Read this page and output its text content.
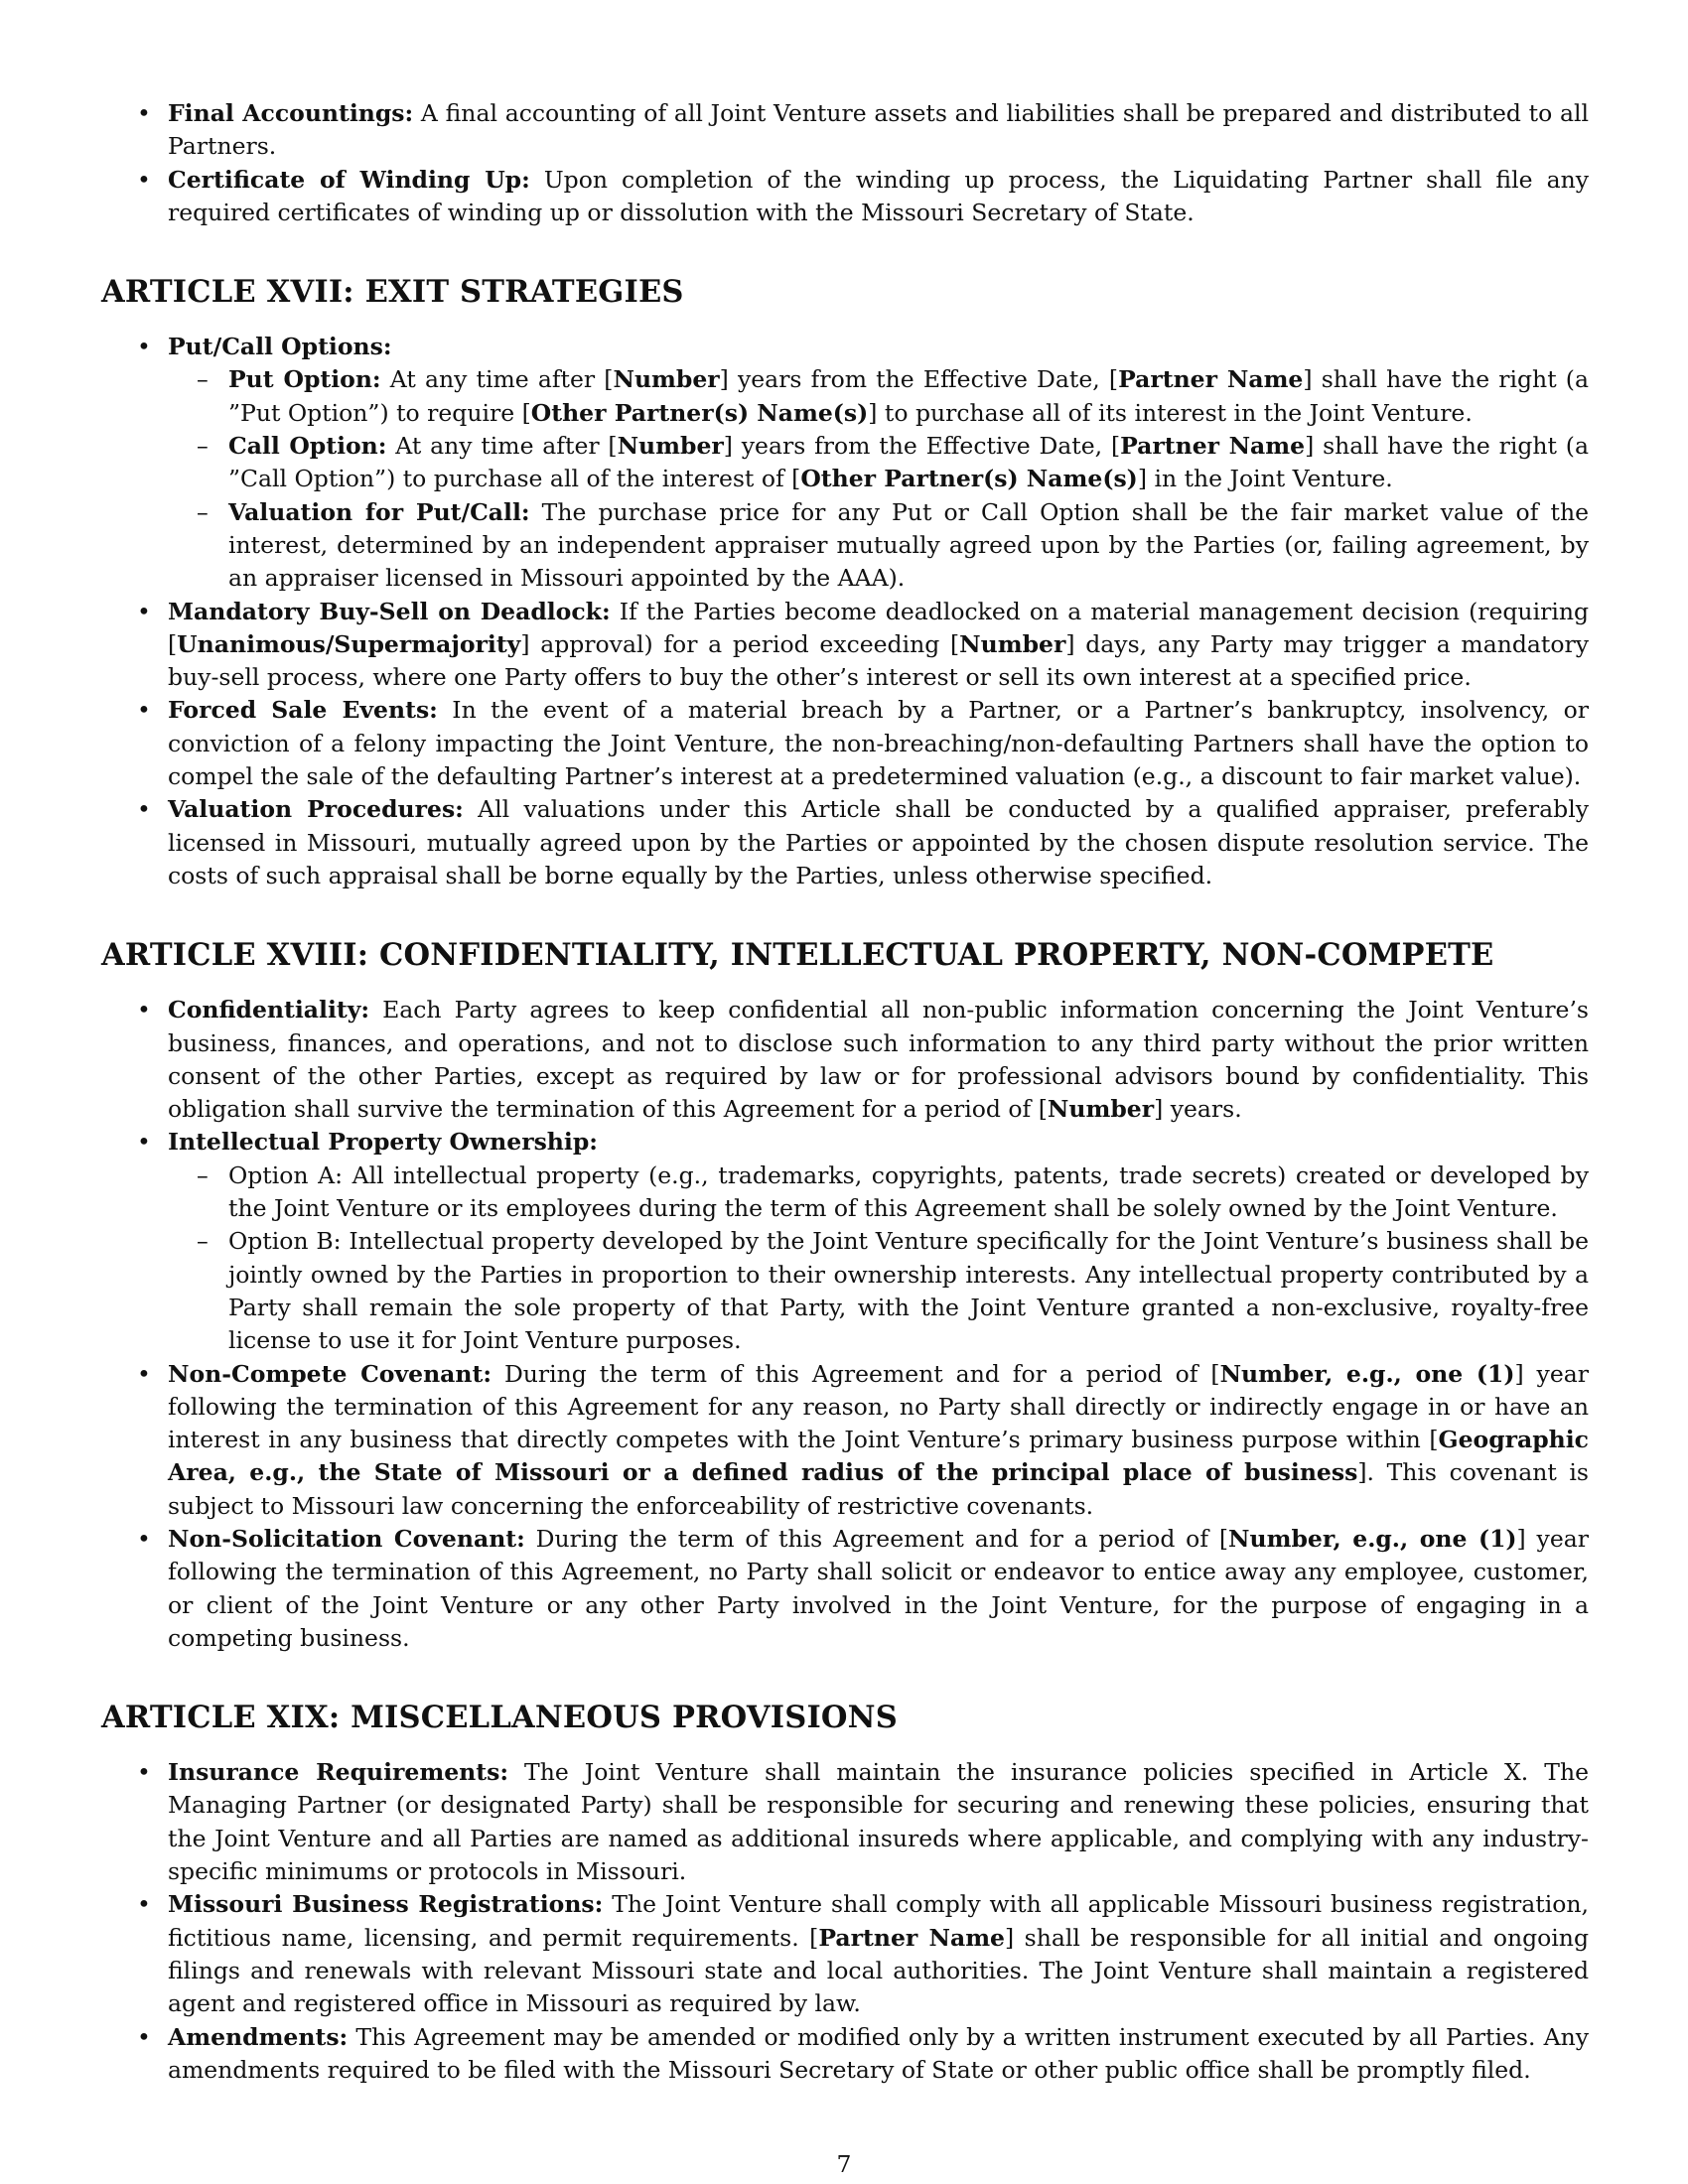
• Final Accountings: A final accounting of all Joint Venture assets and liabilities shall be prepared and distributed to all Partners.
• Certificate of Winding Up: Upon completion of the winding up process, the Liquidating Partner shall file any required certificates of winding up or dissolution with the Missouri Secretary of State.
ARTICLE XVII: EXIT STRATEGIES
• Put/Call Options:
– Put Option: At any time after [Number] years from the Effective Date, [Partner Name] shall have the right (a ”Put Option”) to require [Other Partner(s) Name(s)] to purchase all of its interest in the Joint Venture.
– Call Option: At any time after [Number] years from the Effective Date, [Partner Name] shall have the right (a ”Call Option”) to purchase all of the interest of [Other Partner(s) Name(s)] in the Joint Venture.
– Valuation for Put/Call: The purchase price for any Put or Call Option shall be the fair market value of the interest, determined by an independent appraiser mutually agreed upon by the Parties (or, failing agreement, by an appraiser licensed in Missouri appointed by the AAA).
• Mandatory Buy-Sell on Deadlock: If the Parties become deadlocked on a material management decision (requiring [Unanimous/Supermajority] approval) for a period exceeding [Number] days, any Party may trigger a mandatory buy-sell process, where one Party offers to buy the other’s interest or sell its own interest at a specified price.
• Forced Sale Events: In the event of a material breach by a Partner, or a Partner’s bankruptcy, insolvency, or conviction of a felony impacting the Joint Venture, the non-breaching/non-defaulting Partners shall have the option to compel the sale of the defaulting Partner’s interest at a predetermined valuation (e.g., a discount to fair market value).
• Valuation Procedures: All valuations under this Article shall be conducted by a qualified appraiser, preferably licensed in Missouri, mutually agreed upon by the Parties or appointed by the chosen dispute resolution service. The costs of such appraisal shall be borne equally by the Parties, unless otherwise specified.
ARTICLE XVIII: CONFIDENTIALITY, INTELLECTUAL PROPERTY, NON-COMPETE
• Confidentiality: Each Party agrees to keep confidential all non-public information concerning the Joint Venture’s business, finances, and operations, and not to disclose such information to any third party without the prior written consent of the other Parties, except as required by law or for professional advisors bound by confidentiality. This obligation shall survive the termination of this Agreement for a period of [Number] years.
• Intellectual Property Ownership:
– Option A: All intellectual property (e.g., trademarks, copyrights, patents, trade secrets) created or developed by the Joint Venture or its employees during the term of this Agreement shall be solely owned by the Joint Venture.
– Option B: Intellectual property developed by the Joint Venture specifically for the Joint Venture’s business shall be jointly owned by the Parties in proportion to their ownership interests. Any intellectual property contributed by a Party shall remain the sole property of that Party, with the Joint Venture granted a non-exclusive, royalty-free license to use it for Joint Venture purposes.
• Non-Compete Covenant: During the term of this Agreement and for a period of [Number, e.g., one (1)] year following the termination of this Agreement for any reason, no Party shall directly or indirectly engage in or have an interest in any business that directly competes with the Joint Venture’s primary business purpose within [Geographic Area, e.g., the State of Missouri or a defined radius of the principal place of business]. This covenant is subject to Missouri law concerning the enforceability of restrictive covenants.
• Non-Solicitation Covenant: During the term of this Agreement and for a period of [Number, e.g., one (1)] year following the termination of this Agreement, no Party shall solicit or endeavor to entice away any employee, customer, or client of the Joint Venture or any other Party involved in the Joint Venture, for the purpose of engaging in a competing business.
ARTICLE XIX: MISCELLANEOUS PROVISIONS
• Insurance Requirements: The Joint Venture shall maintain the insurance policies specified in Article X. The Managing Partner (or designated Party) shall be responsible for securing and renewing these policies, ensuring that the Joint Venture and all Parties are named as additional insureds where applicable, and complying with any industry-specific minimums or protocols in Missouri.
• Missouri Business Registrations: The Joint Venture shall comply with all applicable Missouri business registration, fictitious name, licensing, and permit requirements. [Partner Name] shall be responsible for all initial and ongoing filings and renewals with relevant Missouri state and local authorities. The Joint Venture shall maintain a registered agent and registered office in Missouri as required by law.
• Amendments: This Agreement may be amended or modified only by a written instrument executed by all Parties. Any amendments required to be filed with the Missouri Secretary of State or other public office shall be promptly filed.
7
